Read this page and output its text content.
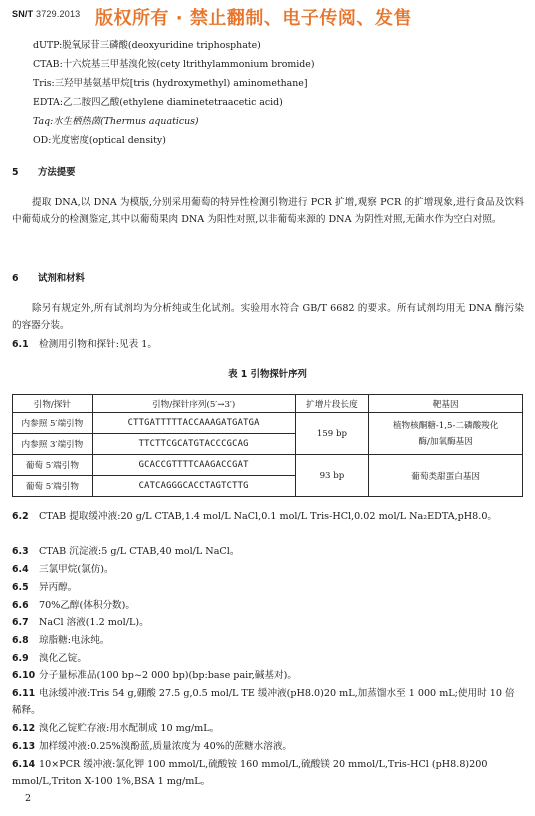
SN/T 3729.2013 版权所有 · 禁止翻制、电子传阅、发售
dUTP:脱氧尿苷三磷酸(deoxyuridine triphosphate)
CTAB:十六烷基三甲基溴化铵(cety ltrithylammonium bromide)
Tris:三羟甲基氨基甲烷[tris (hydroxymethyl) aminomethane]
EDTA:乙二胺四乙酸(ethylene diaminetetraacetic acid)
Taq:水生栖热菌(Thermus aquaticus)
OD:光度密度(optical density)
5 方法提要
提取 DNA,以 DNA 为模版,分别采用葡萄的特异性检测引物进行 PCR 扩增,观察 PCR 的扩增现象,进行食品及饮料中葡萄成分的检测鉴定,其中以葡萄果肉 DNA 为阳性对照,以非葡萄来源的 DNA 为阴性对照,无菌水作为空白对照。
6 试剂和材料
除另有规定外,所有试剂均为分析纯或生化试剂。实验用水符合 GB/T 6682 的要求。所有试剂均用无 DNA 酶污染的容器分装。
6.1 检测用引物和探针:见表 1。
表 1 引物探针序列
引物/探针	引物/探针序列(5′→3′)	扩增片段长度	靶基因
内参照 5′端引物	CTTGATTTTTACCAAAGATGATGA	159 bp	植物核酮糖-1,5-二磷酸羧化酶/加氧酶基因
内参照 3′端引物	TTCTTCGCATGTACCCGCAG		
葡萄 5′端引物	GCACCGTTTTCAAGACCGAT	93 bp	葡萄类甜蛋白基因
葡萄 5′端引物	CATCAGGGCACCTAGTCTTG		
6.2 CTAB 提取缓冲液:20 g/L CTAB,1.4 mol/L NaCl,0.1 mol/L Tris-HCl,0.02 mol/L Na₂EDTA,pH8.0。
6.3 CTAB 沉淀液:5 g/L CTAB,40 mol/L NaCl。
6.4 三氯甲烷(氯仿)。
6.5 异丙醇。
6.6 70%乙醇(体积分数)。
6.7 NaCl 溶液(1.2 mol/L)。
6.8 琼脂糖:电泳纯。
6.9 溴化乙锭。
6.10 分子量标准品(100 bp~2 000 bp)(bp:base pair,碱基对)。
6.11 电泳缓冲液:Tris 54 g,硼酸 27.5 g,0.5 mol/L TE 缓冲液(pH8.0)20 mL,加蒸馏水至 1 000 mL;使用时 10 倍稀释。
6.12 溴化乙锭贮存液:用水配制成 10 mg/mL。
6.13 加样缓冲液:0.25%溴酚蓝,质量浓度为 40%的蔗糖水溶液。
6.14 10×PCR 缓冲液:氯化钾 100 mmol/L,硫酸铵 160 mmol/L,硫酸镁 20 mmol/L,Tris-HCl (pH8.8)200 mmol/L,Triton X-100 1%,BSA 1 mg/mL。
2
